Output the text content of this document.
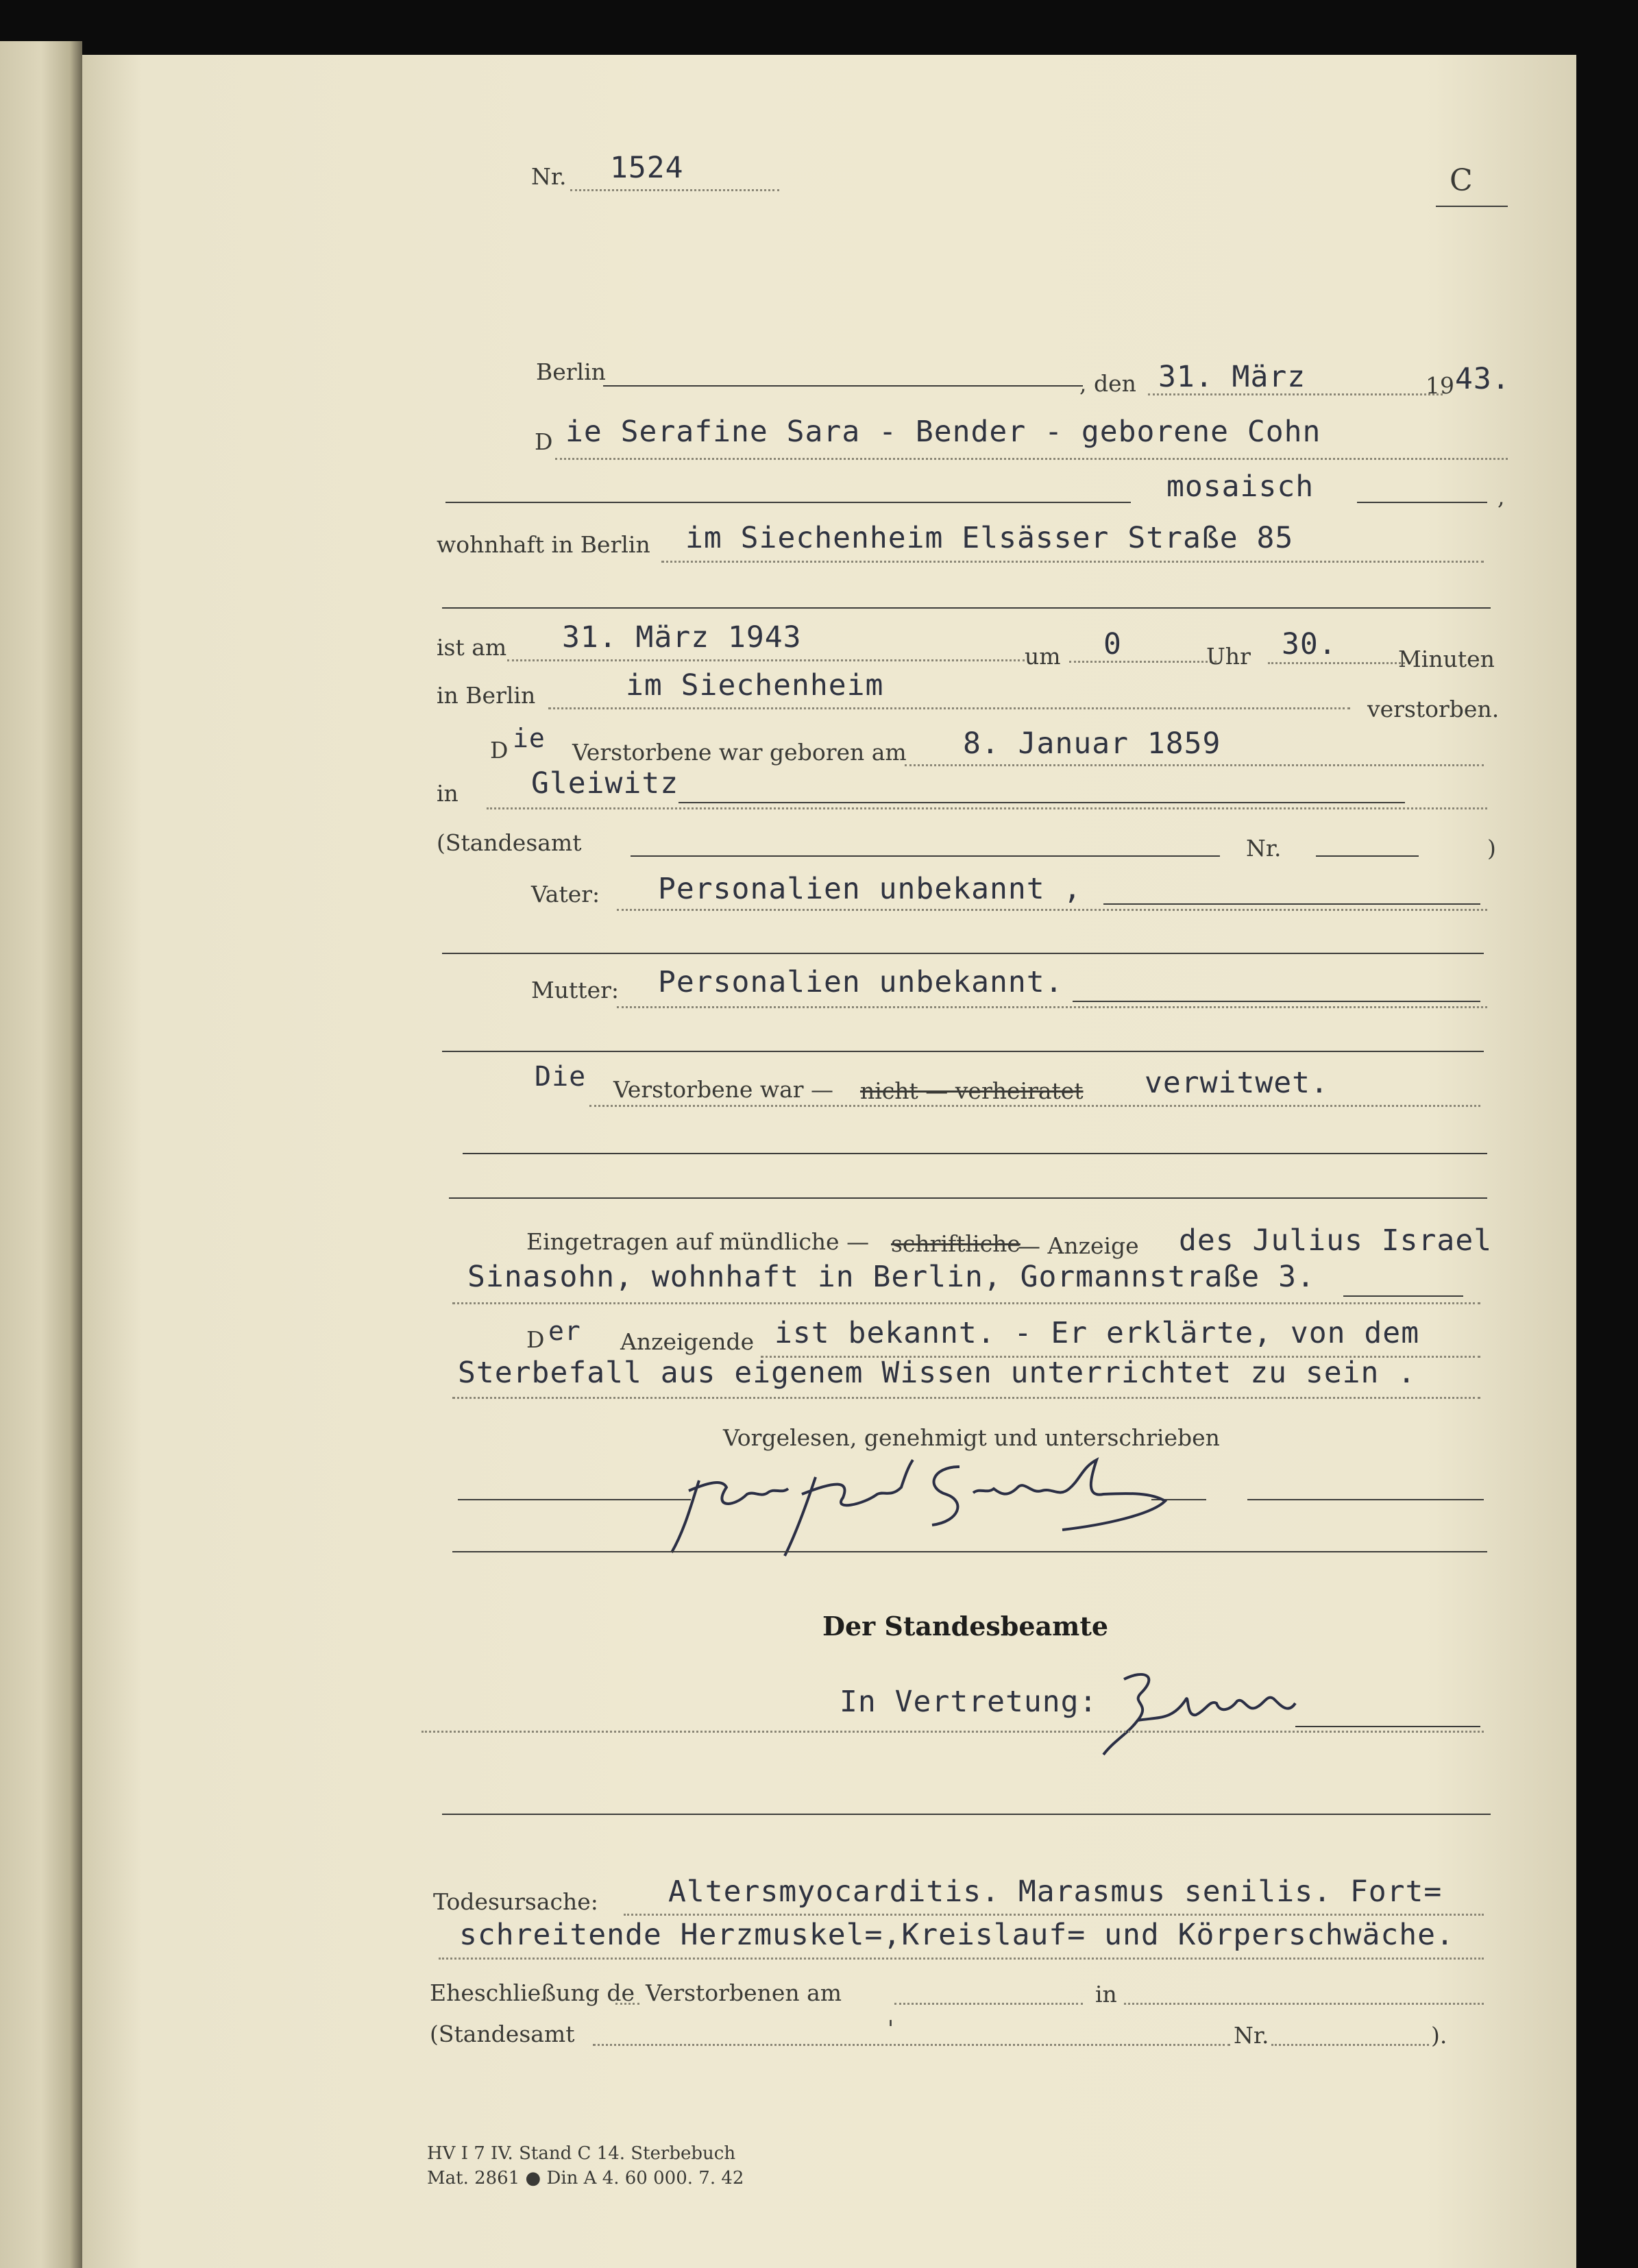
Nr. 1524	C
Berlin	, den 31. März	19 43.
D ie Serafine Sara - Bender - geborene Cohn
mosaisch	,
wohnhaft in Berlin im Siechenheim Elsässer Straße 85
ist am 31. März 1943
um 0	Uhr 30.	Minuten
in Berlin	im Siechenheim
verstorben.
D ie Verstorbene war geboren am 8. Januar 1859
in Gleiwitz
(Standesamt	Nr.	)
Vater: Personalien unbekannt ,
Mutter: Personalien unbekannt.
Die Verstorbene war — nicht — verheiratet verwitwet.
Eingetragen auf mündliche — schriftliche
— Anzeige des Julius Israel
Sinasohn, wohnhaft in Berlin, Gormannstraße 3.
D er Anzeigende ist bekannt. - Er erklärte, von dem
Sterbefall aus eigenem Wissen unterrichtet zu sein .
Vorgelesen, genehmigt und unterschrieben
Der Standesbeamte
In Vertretung:
Todesursache: Altersmyocarditis. Marasmus senilis. Fort=
schreitende Herzmuskel=,Kreislauf= und Körperschwäche.
Eheschließung de Verstorbenen am	in
(Standesamt	'	Nr.	).
HV I 7 IV. Stand C 14. Sterbebuch
Mat. 2861 ● Din A 4. 60 000. 7. 42
